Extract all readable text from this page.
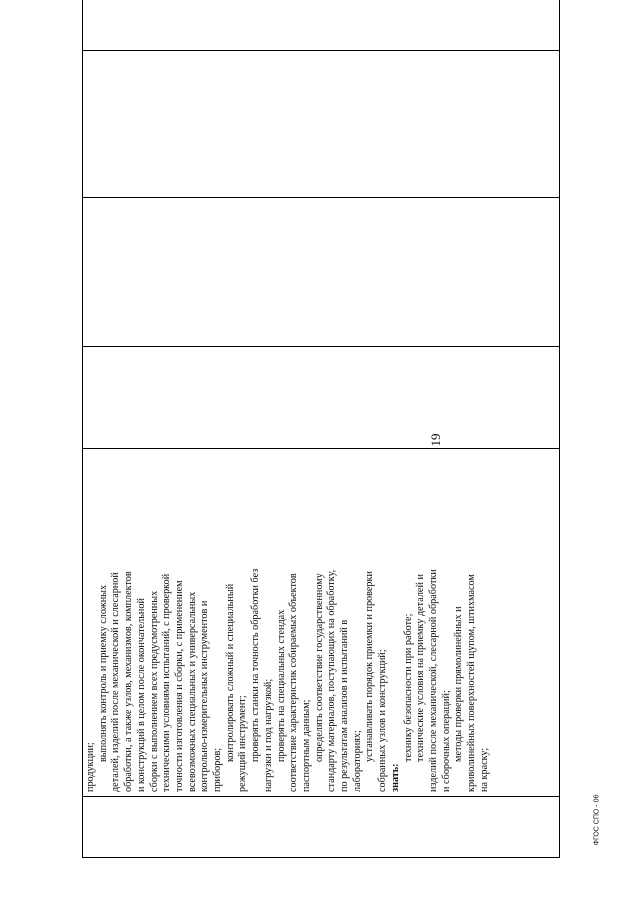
19

продукции;
выполнять контроль и приемку сложных деталей, изделий после механической и слесарной обработки, а также узлов, механизмов, комплектов и конструкций в целом после окончательной сборки с выполнением всех предусмотренных техническими условиями испытаний, с проверкой точности изготовления и сборки, с применением всевозможных специальных и универсальных контрольно-измерительных инструментов и приборов;
контролировать сложный и специальный режущий инструмент; проверять станки на точность обработки без нагрузки и под нагрузкой; проверять на специальных стендах соответствие характеристик собираемых объектов паспортным данным; определять соответствие государственному стандарту материалов, поступающих на обработку, по результатам анализов и испытаний в лабораториях; устанавливать порядок приемки и проверки собранных узлов и конструкций; знать:
технику безопасности при работе; технические условия на приемку деталей и изделий после механической, слесарной обработки и сборочных операций; методы проверки прямолинейных и криволинейных поверхностей щупом, штихмасом на краску;

ФГОС СПО - 06
